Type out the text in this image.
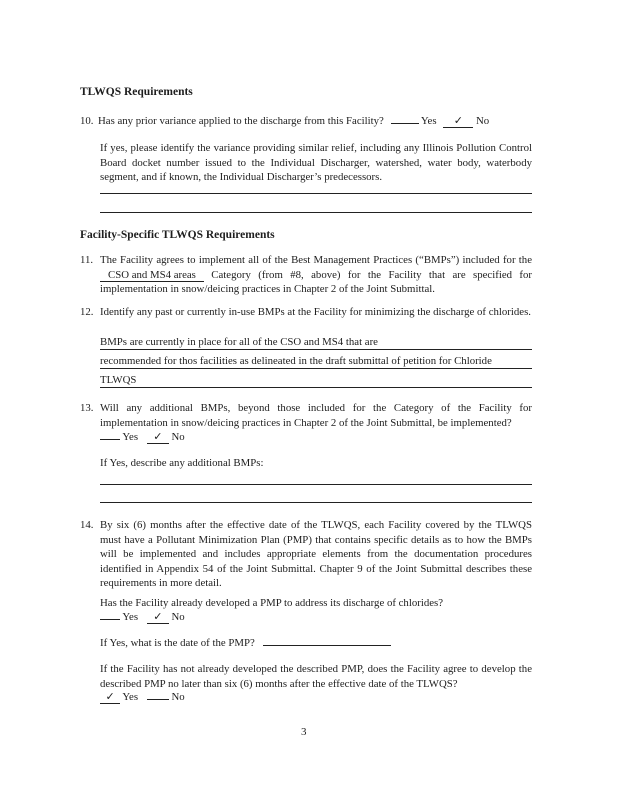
TLWQS Requirements
10. Has any prior variance applied to the discharge from this Facility?	Yes ✓ No

If yes, please identify the variance providing similar relief, including any Illinois Pollution Control Board docket number issued to the Individual Discharger, watershed, water body, waterbody segment, and if known, the Individual Discharger’s predecessors.

Facility-Specific TLWQS Requirements
11. The Facility agrees to implement all of the Best Management Practices (“BMPs”) included for the CSO and MS4 areas Category (from #8, above) for the Facility that are specified for implementation in snow/deicing practices in Chapter 2 of the Joint Submittal.

12. Identify any past or currently in-use BMPs at the Facility for minimizing the discharge of chlorides.

BMPs are currently in place for all of the CSO and MS4 that are
recommended for thos facilities as delineated in the draft submittal of petition for Chloride
TLWQS
13. Will any additional BMPs, beyond those included for the Category of the Facility for implementation in snow/deicing practices in Chapter 2 of the Joint Submittal, be implemented?

Yes ✓ No
If Yes, describe any additional BMPs:
14. By six (6) months after the effective date of the TLWQS, each Facility covered by the TLWQS must have a Pollutant Minimization Plan (PMP) that contains specific details as to how the BMPs will be implemented and includes appropriate elements from the documentation procedures identified in Appendix 54 of the Joint Submittal. Chapter 9 of the Joint Submittal describes these requirements in more detail.

Has the Facility already developed a PMP to address its discharge of chlorides?
Yes ✓ No
If Yes, what is the date of the PMP?

If the Facility has not already developed the described PMP, does the Facility agree to develop the described PMP no later than six (6) months after the effective date of the TLWQS?

✓ Yes	No
3
